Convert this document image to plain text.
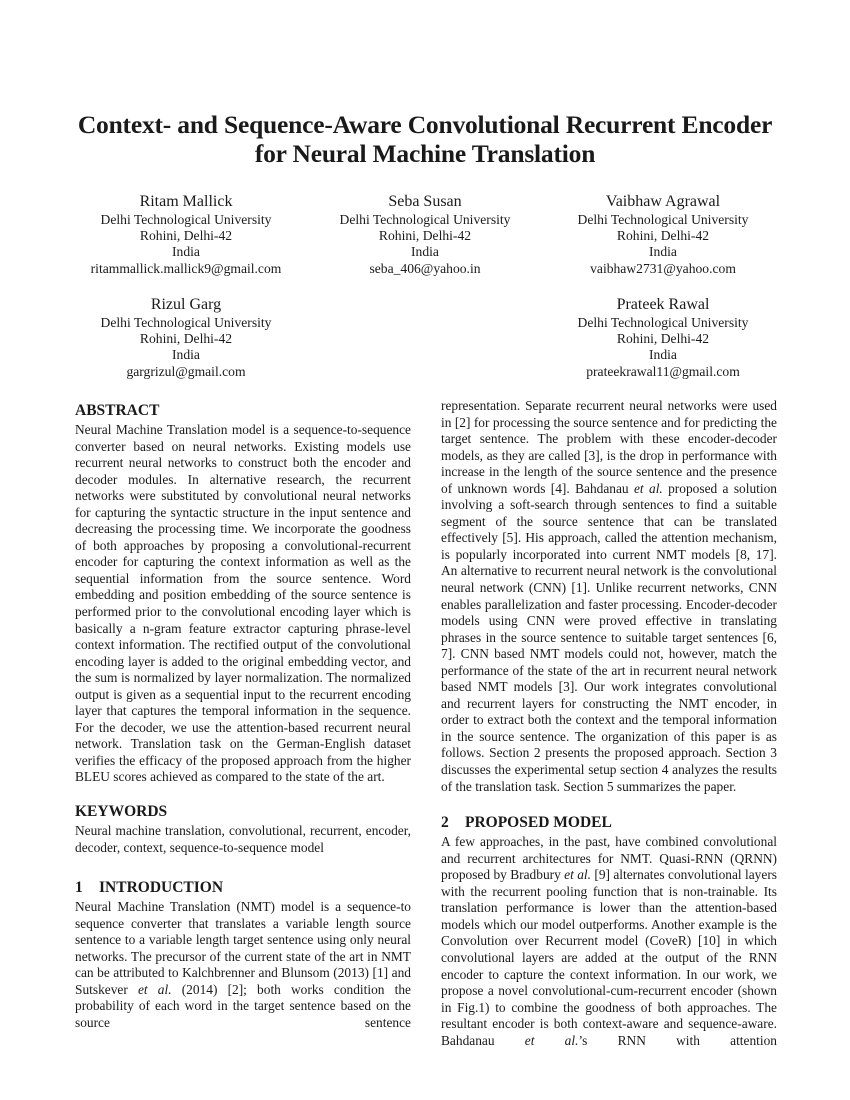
Context- and Sequence-Aware Convolutional Recurrent Encoder
for Neural Machine Translation
Ritam Mallick
Delhi Technological University
Rohini, Delhi-42
India
ritammallick.mallick9@gmail.com
Seba Susan
Delhi Technological University
Rohini, Delhi-42
India
seba_406@yahoo.in
Vaibhaw Agrawal
Delhi Technological University
Rohini, Delhi-42
India
vaibhaw2731@yahoo.com
Rizul Garg
Delhi Technological University
Rohini, Delhi-42
India
gargrizul@gmail.com
Prateek Rawal
Delhi Technological University
Rohini, Delhi-42
India
prateekrawal11@gmail.com
ABSTRACT

Neural Machine Translation model is a sequence-to-sequence converter based on neural networks. Existing models use recurrent neural networks to construct both the encoder and decoder modules. In alternative research, the recurrent networks were substituted by convolutional neural networks for capturing the syntactic structure in the input sentence and decreasing the processing time. We incorporate the goodness of both approaches by proposing a convolutional-recurrent encoder for capturing the context information as well as the sequential information from the source sentence. Word embedding and position embedding of the source sentence is performed prior to the convolutional encoding layer which is basically a n-gram feature extractor capturing phrase-level context information. The rectified output of the convolutional encoding layer is added to the original embedding vector, and the sum is normalized by layer normalization. The normalized output is given as a sequential input to the recurrent encoding layer that captures the temporal information in the sequence. For the decoder, we use the attention-based recurrent neural network. Translation task on the German-English dataset verifies the efficacy of the proposed approach from the higher BLEU scores achieved as compared to the state of the art.

KEYWORDS

Neural machine translation, convolutional, recurrent, encoder, decoder, context, sequence-to-sequence model

1 INTRODUCTION

Neural Machine Translation (NMT) model is a sequence-to sequence converter that translates a variable length source sentence to a variable length target sentence using only neural networks. The precursor of the current state of the art in NMT can be attributed to Kalchbrenner and Blunsom (2013) [1] and Sutskever et al. (2014) [2]; both works condition the probability of each word in the target sentence based on the source sentence

representation. Separate recurrent neural networks were used in [2] for processing the source sentence and for predicting the target sentence. The problem with these encoder-decoder models, as they are called [3], is the drop in performance with increase in the length of the source sentence and the presence of unknown words [4]. Bahdanau et al. proposed a solution involving a soft-search through sentences to find a suitable segment of the source sentence that can be translated effectively [5]. His approach, called the attention mechanism, is popularly incorporated into current NMT models [8, 17]. An alternative to recurrent neural network is the convolutional neural network (CNN) [1]. Unlike recurrent networks, CNN enables parallelization and faster processing. Encoder-decoder models using CNN were proved effective in translating phrases in the source sentence to suitable target sentences [6, 7]. CNN based NMT models could not, however, match the performance of the state of the art in recurrent neural network based NMT models [3]. Our work integrates convolutional and recurrent layers for constructing the NMT encoder, in order to extract both the context and the temporal information in the source sentence. The organization of this paper is as follows. Section 2 presents the proposed approach. Section 3 discusses the experimental setup section 4 analyzes the results of the translation task. Section 5 summarizes the paper.

2 PROPOSED MODEL

A few approaches, in the past, have combined convolutional and recurrent architectures for NMT. Quasi-RNN (QRNN) proposed by Bradbury et al. [9] alternates convolutional layers with the recurrent pooling function that is non-trainable. Its translation performance is lower than the attention-based models which our model outperforms. Another example is the Convolution over Recurrent model (CoveR) [10] in which convolutional layers are added at the output of the RNN encoder to capture the context information. In our work, we propose a novel convolutional-cum-recurrent encoder (shown in Fig.1) to combine the goodness of both approaches. The resultant encoder is both context-aware and sequence-aware. Bahdanau et al.’s RNN with attention
